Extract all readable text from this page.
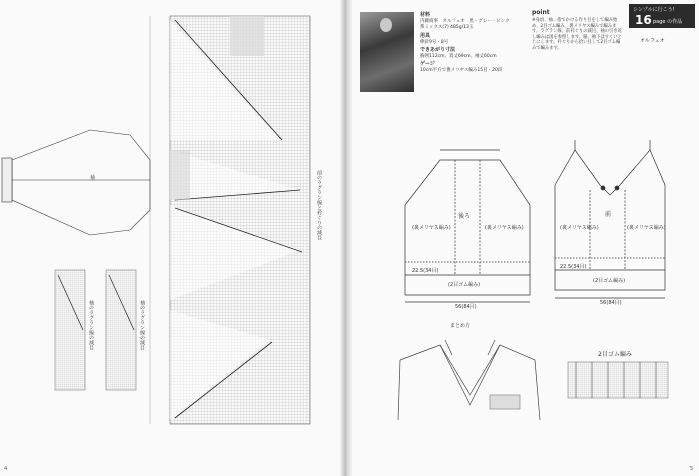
シンプルに行こう!
16 page の作品
オルフェオ
材料
内藤商事　オルフェオ　黒・グレー・ピンク系ミックス(7) 485g/13玉
用具
棒針9号・8号
できあがり寸法
胸囲112cm、着丈69cm、袖丈60cm
ゲージ
10cm平方で裏メリヤス編み15目・20段
point
※身頃、袖…指でかける作り目をして編み始め、2目ゴム編み、裏メリヤス編みで編みます。ラグラン線、前衿ぐりの減目、袖の引き返し編みは図を参照します。脇、袖下はすくいとじにします。衿ぐりから拾い目して2目ゴム編みで編みます。
後ろ	前
(裏メリヤス編み)	(裏メリヤス編み)	(裏メリヤス編み)	(裏メリヤス編み)
(2目ゴム編み)
(2目ゴム編み)
22.5(34目)
22.5(34目)
56(84目)
56(84目)
まとめ方
2目ゴム編み
袖	前のラグラン線と衿ぐりの減目
袖のラグラン線の減目	袖のラグラン線の減目
4	5
